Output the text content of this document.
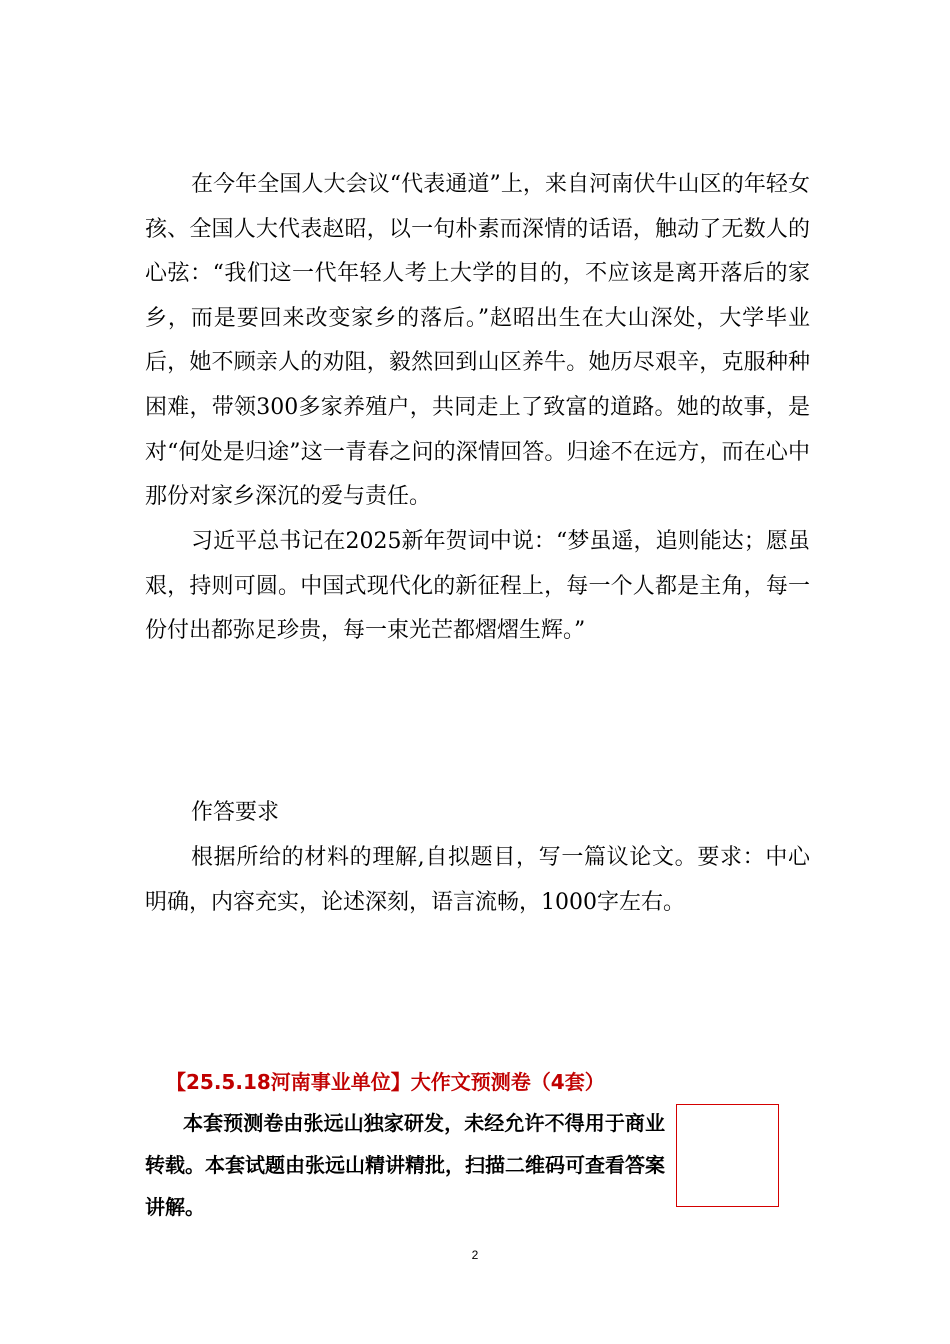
在今年全国人大会议“代表通道”上，来自河南伏牛山区的年轻女孩、全国人大代表赵昭，以一句朴素而深情的话语，触动了无数人的心弦：“我们这一代年轻人考上大学的目的，不应该是离开落后的家乡，而是要回来改变家乡的落后。”赵昭出生在大山深处，大学毕业后，她不顾亲人的劝阻，毅然回到山区养牛。她历尽艰辛，克服种种困难，带领300多家养殖户，共同走上了致富的道路。她的故事，是对“何处是归途”这一青春之问的深情回答。归途不在远方，而在心中那份对家乡深沉的爱与责任。

习近平总书记在2025新年贺词中说：“梦虽遥，追则能达；愿虽艰，持则可圆。中国式现代化的新征程上，每一个人都是主角，每一份付出都弥足珍贵，每一束光芒都熠熠生辉。”

作答要求

根据所给的材料的理解,自拟题目，写一篇议论文。要求：中心明确，内容充实，论述深刻，语言流畅，1000字左右。

【25.5.18河南事业单位】大作文预测卷（4套）

本套预测卷由张远山独家研发，未经允许不得用于商业转载。本套试题由张远山精讲精批，扫描二维码可查看答案讲解。

2
